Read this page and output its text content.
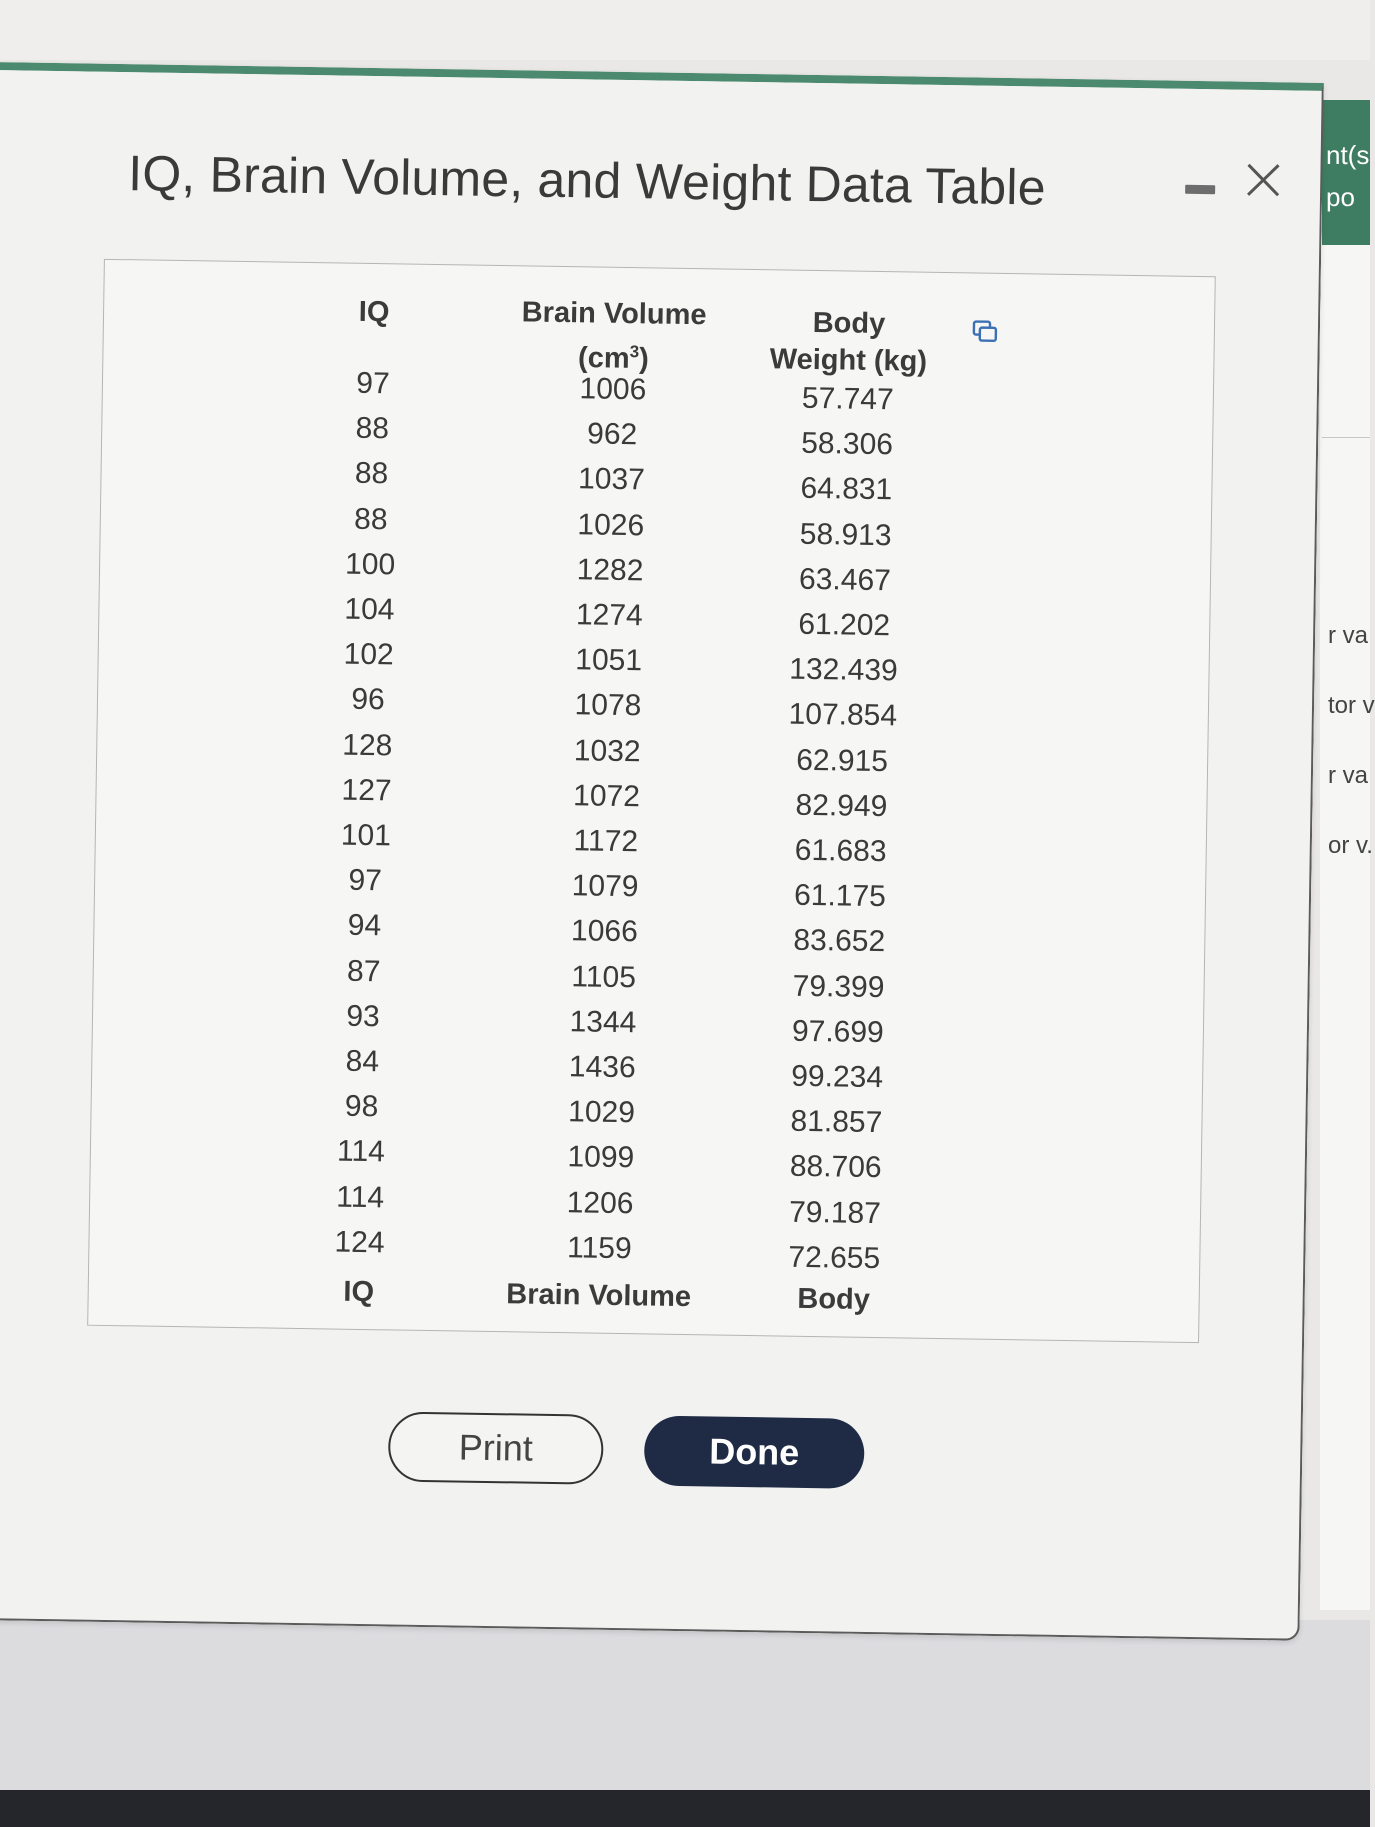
nt(s
po
r va
tor v
r va
or v.
IQ, Brain Volume, and Weight Data Table
IQ
97
88
88
88
100
104
102
96
128
127
101
97
94
87
93
84
98
114
114
124
IQ
Brain Volume
$(cm^3)$
1006
962
1037
1026
1282
1274
1051
1078
1032
1072
1172
1079
1066
1105
1344
1436
1029
1099
1206
1159
Brain Volume
Body
Weight (kg)
57.747
58.306
64.831
58.913
63.467
61.202
132.439
107.854
62.915
82.949
61.683
61.175
83.652
79.399
97.699
99.234
81.857
88.706
79.187
72.655
Body
Print	Done
